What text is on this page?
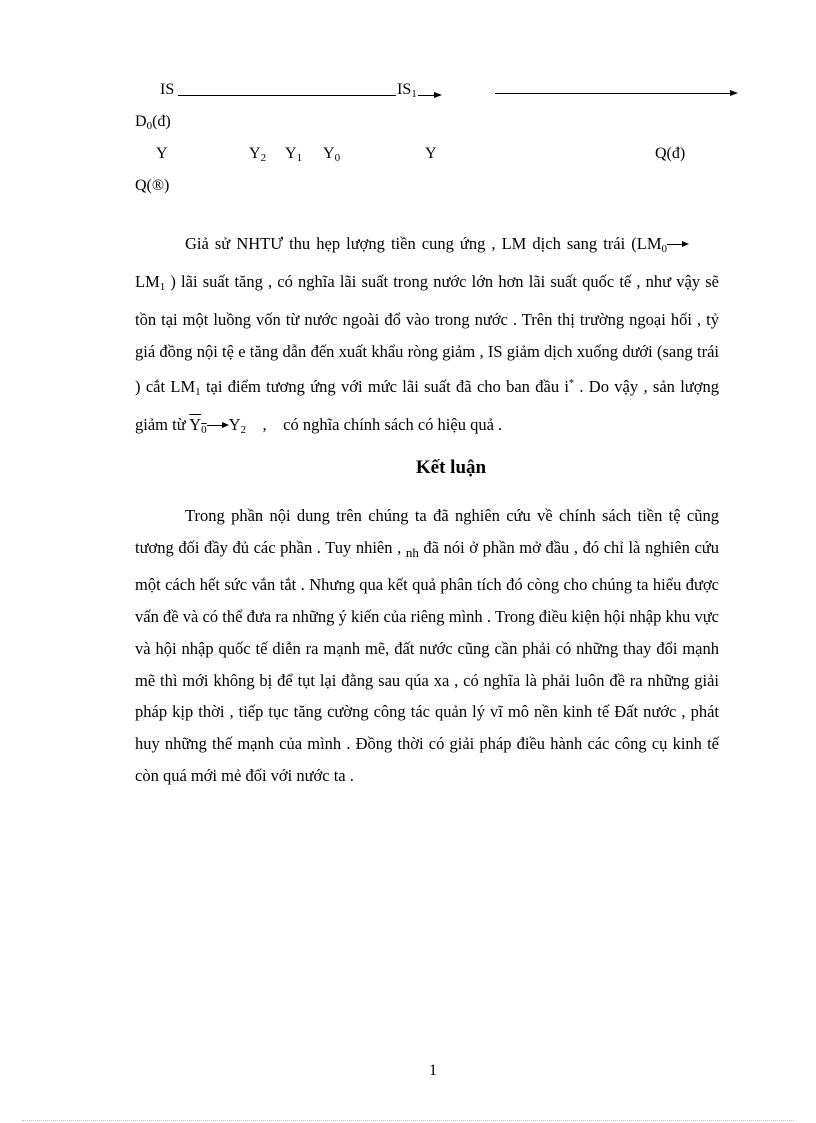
IS	$IS_1$
$D_0(đ)$
Y	$Y_2$ $Y_1$ $Y_0$	Y	Q(đ)
Q(®)

Giả sử NHTƯ thu hẹp lượng tiền cung ứng , LM dịch sang trái ($LM_0$ $LM_1$ ) lãi suất tăng , có nghĩa lãi suất trong nước lớn hơn lãi suất quốc tế , như vậy sẽ tồn tại một luồng vốn từ nước ngoài đổ vào trong nước . Trên thị trường ngoại hối , tỷ giá đồng nội tệ e tăng dẫn đến xuất khẩu ròng giảm , IS giảm dịch xuống dưới (sang trái ) cắt $LM_1$ tại điểm tương ứng với mức lãi suất đã cho ban đầu i* . Do vậy , sản lượng giảm từ $Y_0$ $Y_2$    ,    có nghĩa chính sách có hiệu quả .

Kết luận

Trong phần nội dung trên chúng ta đã nghiên cứu về chính sách tiền tệ cũng tương đối đầy đủ các phần . Tuy nhiên , $_{nh}$ đã nói ở phần mở đầu , đó chỉ là nghiên cứu một cách hết sức vắn tắt . Nhưng qua kết quả phân tích đó còng cho chúng ta hiểu được vấn đề và có thể đưa ra những ý kiến của riêng mình . Trong điều kiện hội nhập khu vực và hội nhập quốc tế diễn ra mạnh mẽ, đất nước cũng cần phải có những thay đổi mạnh mẽ thì mới không bị để tụt lại đằng sau qúa xa , có nghĩa là phải luôn đề ra những giải pháp kịp thời , tiếp tục tăng cường công tác quản lý vĩ mô nền kinh tế Đất nước , phát huy những thế mạnh của mình . Đồng thời có giải pháp điều hành các công cụ kinh tế còn quá mới mẻ đối với nước ta .

1
